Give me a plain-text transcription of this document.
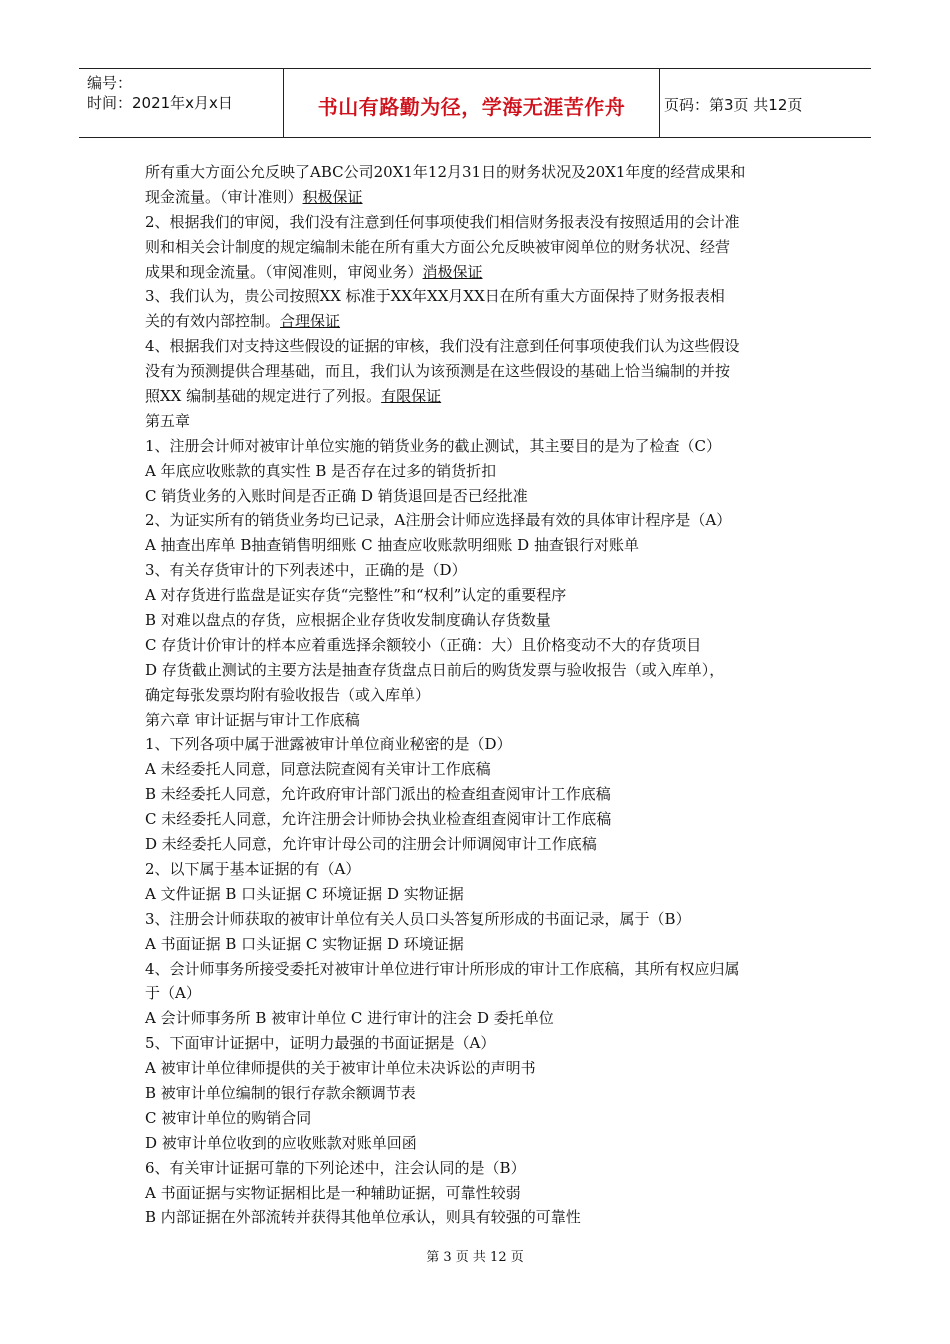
编号：
时间：2021年x月x日	书山有路勤为径，学海无涯苦作舟	页码：第3页 共12页
所有重大方面公允反映了ABC公司20X1年12月31日的财务状况及20X1年度的经营成果和
现金流量。（审计准则）积极保证
2、根据我们的审阅，我们没有注意到任何事项使我们相信财务报表没有按照适用的会计准
则和相关会计制度的规定编制未能在所有重大方面公允反映被审阅单位的财务状况、经营
成果和现金流量。（审阅准则，审阅业务）消极保证
3、我们认为，贵公司按照XX 标准于XX年XX月XX日在所有重大方面保持了财务报表相
关的有效内部控制。合理保证
4、根据我们对支持这些假设的证据的审核，我们没有注意到任何事项使我们认为这些假设
没有为预测提供合理基础，而且，我们认为该预测是在这些假设的基础上恰当编制的并按
照XX 编制基础的规定进行了列报。有限保证
第五章
1、注册会计师对被审计单位实施的销货业务的截止测试，其主要目的是为了检查（C）
A 年底应收账款的真实性 B 是否存在过多的销货折扣
C 销货业务的入账时间是否正确 D 销货退回是否已经批准
2、为证实所有的销货业务均已记录，A注册会计师应选择最有效的具体审计程序是（A）
A 抽查出库单 B抽查销售明细账 C 抽查应收账款明细账 D 抽查银行对账单
3、有关存货审计的下列表述中，正确的是（D）
A 对存货进行监盘是证实存货“完整性”和“权利”认定的重要程序
B 对难以盘点的存货，应根据企业存货收发制度确认存货数量
C 存货计价审计的样本应着重选择余额较小（正确：大）且价格变动不大的存货项目
D 存货截止测试的主要方法是抽查存货盘点日前后的购货发票与验收报告（或入库单），
确定每张发票均附有验收报告（或入库单）
第六章 审计证据与审计工作底稿
1、下列各项中属于泄露被审计单位商业秘密的是（D）
A 未经委托人同意，同意法院查阅有关审计工作底稿
B 未经委托人同意，允许政府审计部门派出的检查组查阅审计工作底稿
C 未经委托人同意，允许注册会计师协会执业检查组查阅审计工作底稿
D 未经委托人同意，允许审计母公司的注册会计师调阅审计工作底稿
2、以下属于基本证据的有（A）
A 文件证据 B 口头证据 C 环境证据 D 实物证据
3、注册会计师获取的被审计单位有关人员口头答复所形成的书面记录，属于（B）
A 书面证据 B 口头证据 C 实物证据 D 环境证据
4、会计师事务所接受委托对被审计单位进行审计所形成的审计工作底稿，其所有权应归属
于（A）
A 会计师事务所 B 被审计单位 C 进行审计的注会 D 委托单位
5、下面审计证据中，证明力最强的书面证据是（A）
A 被审计单位律师提供的关于被审计单位未决诉讼的声明书
B 被审计单位编制的银行存款余额调节表
C 被审计单位的购销合同
D 被审计单位收到的应收账款对账单回函
6、有关审计证据可靠的下列论述中，注会认同的是（B）
A 书面证据与实物证据相比是一种辅助证据，可靠性较弱
B 内部证据在外部流转并获得其他单位承认，则具有较强的可靠性
第 3 页 共 12 页
